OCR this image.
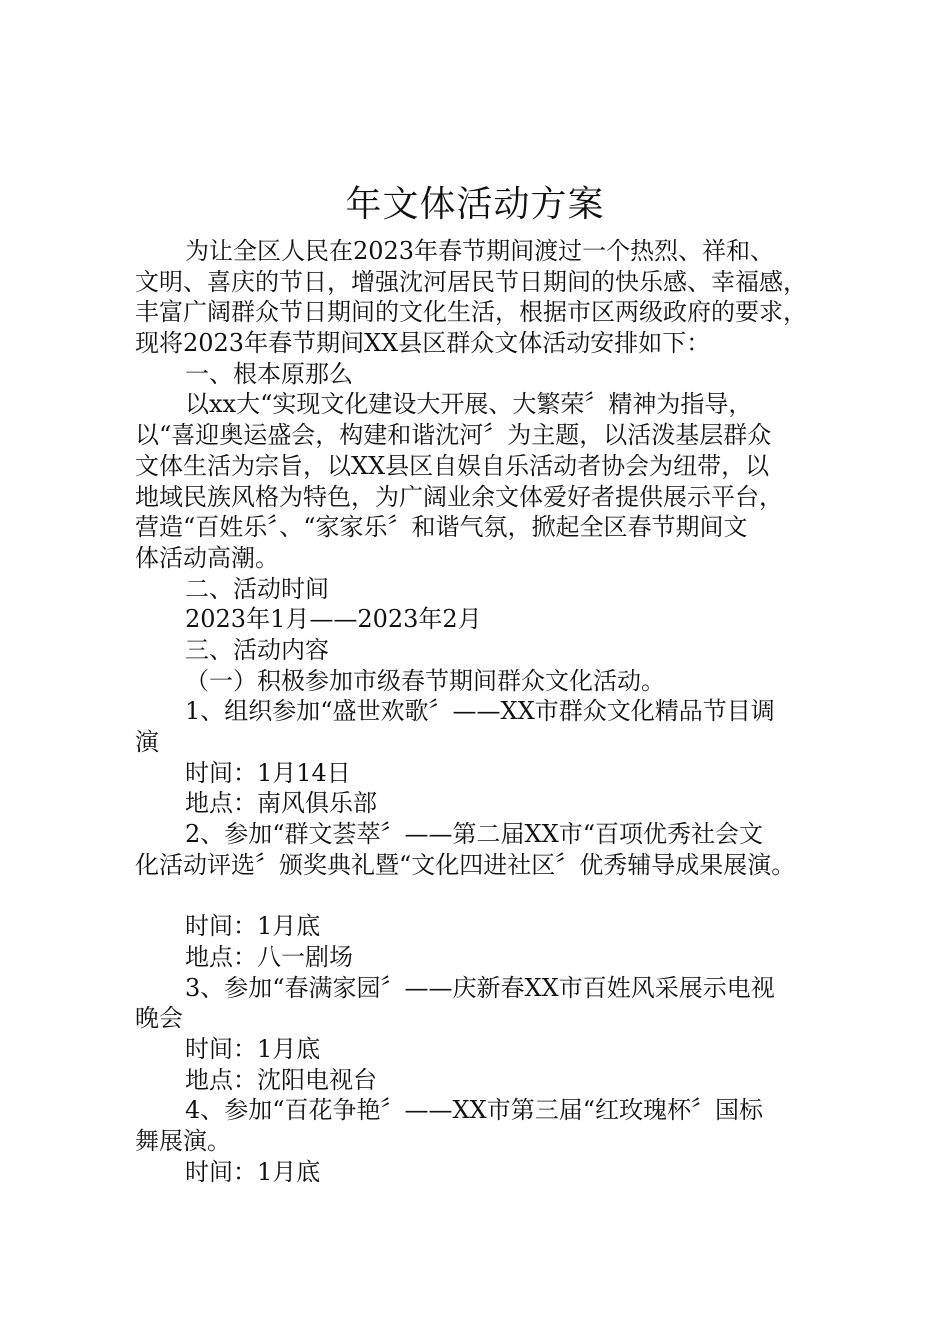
年文体活动方案
为让全区人民在2023年春节期间渡过一个热烈、祥和、
文明、喜庆的节日，增强沈河居民节日期间的快乐感、幸福感，
丰富广阔群众节日期间的文化生活，根据市区两级政府的要求，
现将2023年春节期间XX县区群众文体活动安排如下：
一、根本原那么
以xx大“实现文化建设大开展、大繁荣〞精神为指导，
以“喜迎奥运盛会，构建和谐沈河〞为主题，以活泼基层群众
文体生活为宗旨，以XX县区自娱自乐活动者协会为纽带，以
地域民族风格为特色，为广阔业余文体爱好者提供展示平台，
营造“百姓乐〞、“家家乐〞和谐气氛，掀起全区春节期间文
体活动高潮。
二、活动时间
2023年1月——2023年2月
三、活动内容
（一）积极参加市级春节期间群众文化活动。
1、组织参加“盛世欢歌〞——XX市群众文化精品节目调
演
时间：1月14日
地点：南风俱乐部
2、参加“群文荟萃〞——第二届XX市“百项优秀社会文
化活动评选〞颁奖典礼暨“文化四进社区〞优秀辅导成果展演。
时间：1月底
地点：八一剧场
3、参加“春满家园〞——庆新春XX市百姓风采展示电视
晚会
时间：1月底
地点：沈阳电视台
4、参加“百花争艳〞——XX市第三届“红玫瑰杯〞国标
舞展演。
时间：1月底
